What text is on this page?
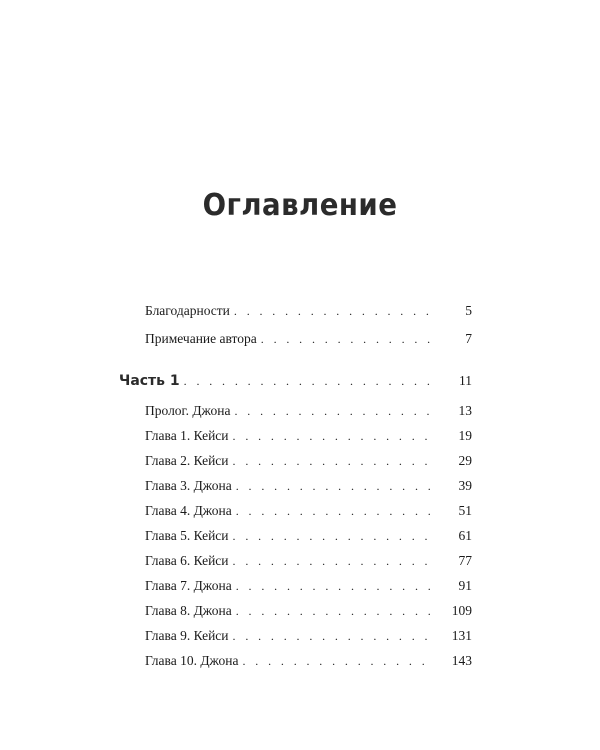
Оглавление
Благодарности . . .	5
Примечание автора . . .	7
Часть 1 . . .	11
Пролог. Джона . . .	13
Глава 1. Кейси . . .	19
Глава 2. Кейси . . .	29
Глава 3. Джона . . .	39
Глава 4. Джона . . .	51
Глава 5. Кейси . . .	61
Глава 6. Кейси . . .	77
Глава 7. Джона . . .	91
Глава 8. Джона . . .	109
Глава 9. Кейси . . .	131
Глава 10. Джона . . .	143
